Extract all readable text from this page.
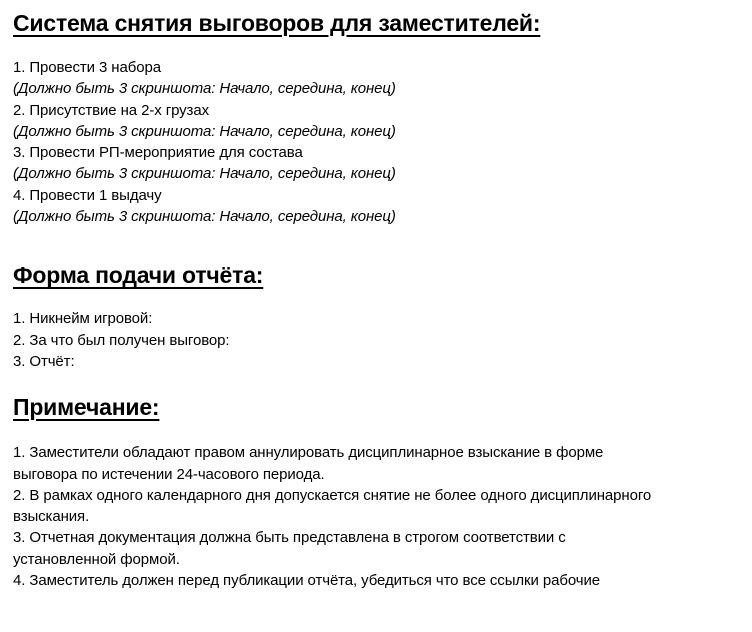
Система снятия выговоров для заместителей:
1. Провести 3 набора
(Должно быть 3 скриншота: Начало, середина, конец)
2. Присутствие на 2-х грузах
(Должно быть 3 скриншота: Начало, середина, конец)
3. Провести РП-мероприятие для состава
(Должно быть 3 скриншота: Начало, середина, конец)
4. Провести 1 выдачу
(Должно быть 3 скриншота: Начало, середина, конец)
Форма подачи отчёта:
1. Никнейм игровой:
2. За что был получен выговор:
3. Отчёт:
Примечание:
1. Заместители обладают правом аннулировать дисциплинарное взыскание в форме
выговора по истечении 24-часового периода.
2. В рамках одного календарного дня допускается снятие не более одного дисциплинарного
взыскания.
3. Отчетная документация должна быть представлена в строгом соответствии с
установленной формой.
4. Заместитель должен перед публикации отчёта, убедиться что все ссылки рабочие
